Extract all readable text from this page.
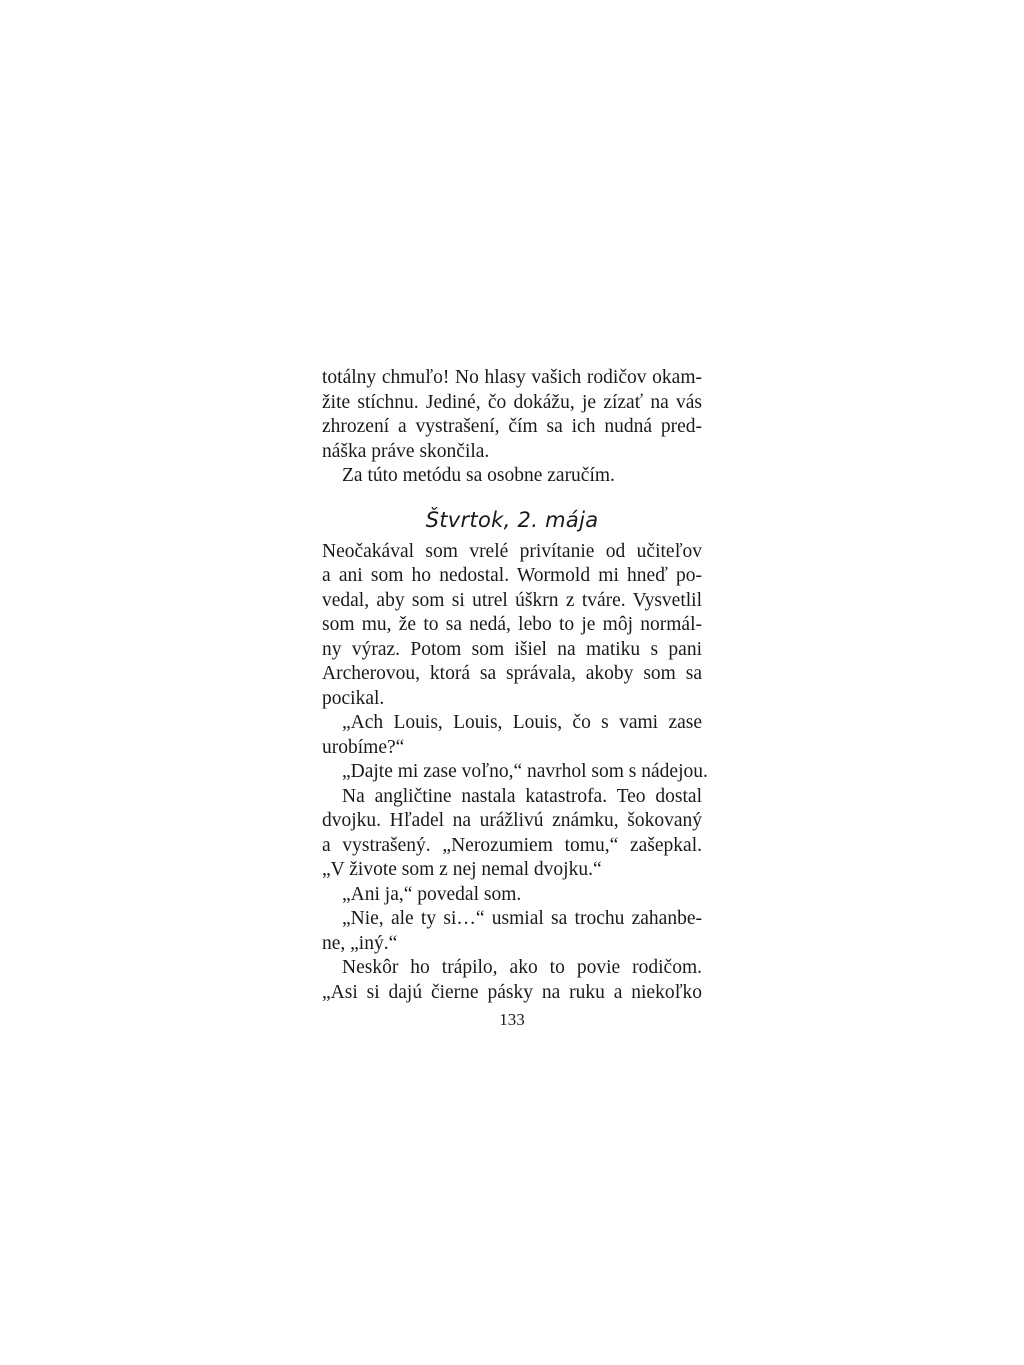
totálny chmuľo! No hlasy vašich rodičov okam-
žite stíchnu. Jediné, čo dokážu, je zízať na vás
zhrození a vystrašení, čím sa ich nudná pred-
náška práve skončila.
Za túto metódu sa osobne zaručím.
Štvrtok, 2. mája
Neočakával som vrelé privítanie od učiteľov
a ani som ho nedostal. Wormold mi hneď po-
vedal, aby som si utrel úškrn z tváre. Vysvetlil
som mu, že to sa nedá, lebo to je môj normál-
ny výraz. Potom som išiel na matiku s pani
Archerovou, ktorá sa správala, akoby som sa
pocikal.
„Ach Louis, Louis, Louis, čo s vami zase
urobíme?“
„Dajte mi zase voľno,“ navrhol som s nádejou.
Na angličtine nastala katastrofa. Teo dostal
dvojku. Hľadel na urážlivú známku, šokovaný
a vystrašený. „Nerozumiem tomu,“ zašepkal.
„V živote som z nej nemal dvojku.“
„Ani ja,“ povedal som.
„Nie, ale ty si…“ usmial sa trochu zahanbe-
ne, „iný.“
Neskôr ho trápilo, ako to povie rodičom.
„Asi si dajú čierne pásky na ruku a niekoľko
133
